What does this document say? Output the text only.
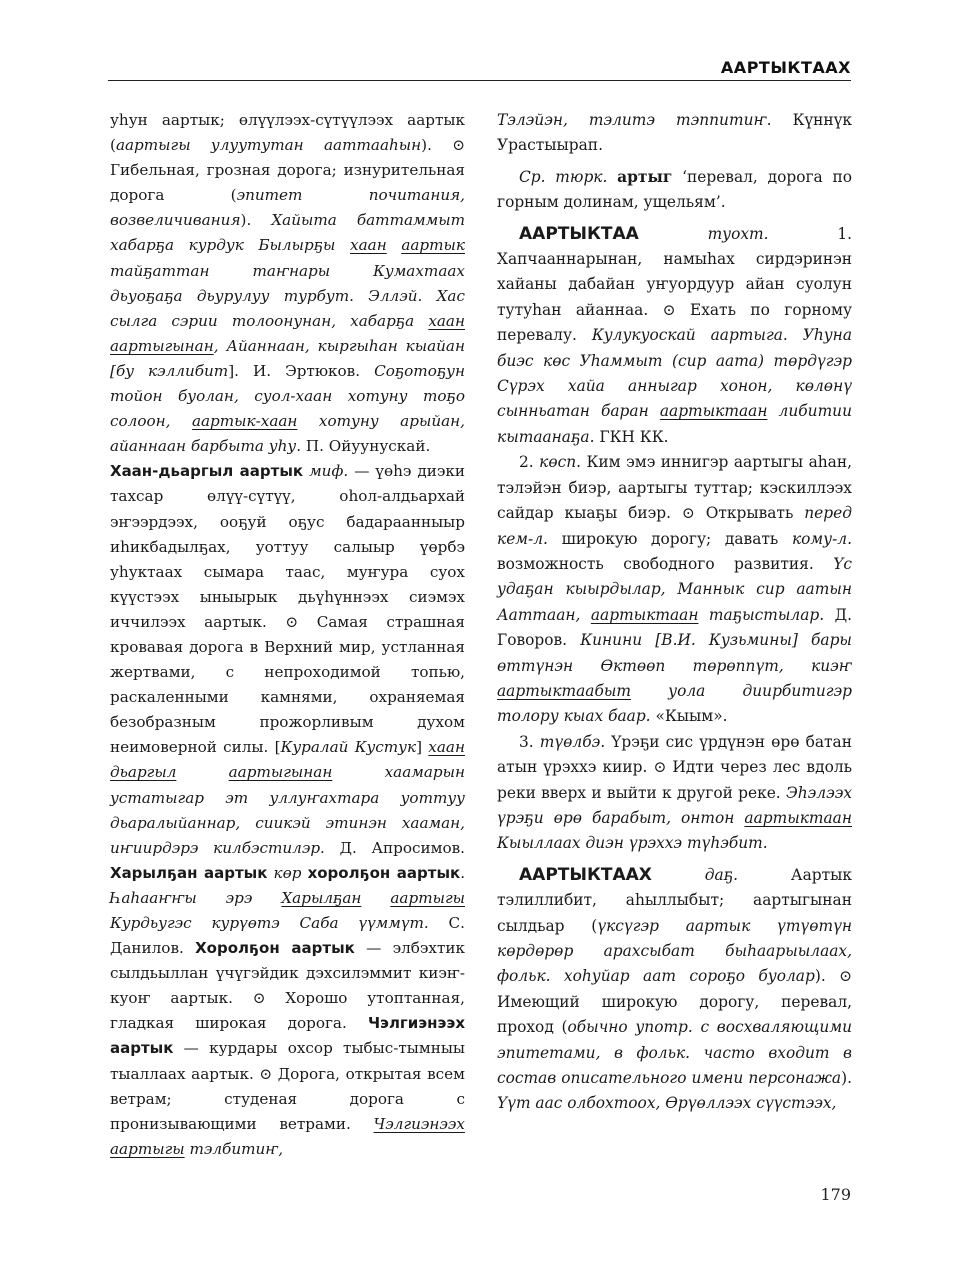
ААРТЫКТААХ

уһун аартык; өлүүлээх-сүтүүлээх аартык (аартыгы улуутутан ааттааһын). ⊙ Гибельная, грозная дорога; изнурительная дорога (эпитет почитания, возвеличивания). Хайыта баттаммыт хабарҕа курдук Былырҕы хаан аартык тайҕаттан таҥнары Кумахтаах дьуоҕаҕа дьурулуу турбут. Эллэй. Хас сылга сэрии толоонунан, хабарҕа хаан аартыгынан, Айаннаан, кыргыһан кыайан [бу кэллибит]. И. Эртюков. Соҕотоҕун тойон буолан, суол-хаан хотуну тоҕо солоон, аартык-хаан хотуну арыйан, айаннаан барбыта уһу. П. Ойуунускай.

Хаан-дьаргыл аартык миф. — үөһэ диэки тахсар өлүү-сүтүү, оһол-алдьархай эҥээрдээх, ооҕуй оҕус бадараанныыр иһикбадылҕах, уоттуу салыыр үөрбэ уһуктаах сымара таас, муҥура суох күүстээх ыныырык дьүһүннээх сиэмэх иччилээх аартык. ⊙ Самая страшная кровавая дорога в Верхний мир, устланная жертвами, с непроходимой топью, раскаленными камнями, охраняемая безобразным прожорливым духом неимоверной силы. [Куралай Кустук] хаан дьаргыл	аартыгынан хаамарын устатыгар эт уллуҥахтара уоттуу дьаралыйаннар, сиикэй этинэн хааман, иҥиирдэрэ килбэстилэр. Д. Апросимов. Харылҕан аартык көр хоролҕон аартык. Һаһааҥҥы эрэ Харылҕан аартыгы Курдьугэс курүөтэ Саба үүммүт. С. Данилов. Хоролҕон аартык — элбэхтик сылдьыллан үчүгэйдик дэхсилэммит киэҥ-куоҥ аартык. ⊙ Хорошо утоптанная, гладкая широкая дорога. Чэлгиэнээх аартык — курдары охсор тыбыс-тымныы тыаллаах аартык. ⊙ Дорога, открытая всем ветрам; студеная дорога с пронизывающими ветрами. Чэлгиэнээх аартыгы тэлбитиҥ,

Тэлэйэн, тэлитэ тэппитиҥ. Күннүк Урастыырап.

Ср. тюрк. артыг ‘перевал, дорога по горным долинам, ущельям’.

ААРТЫКТАА	туохт. 1. Хапчааннарынан, намыһах сирдэринэн хайаны дабайан уҥуордуур айан суолун тутуһан айаннаа. ⊙ Ехать по горному перевалу. Кулукуоскай аартыга. Уһуна биэс көс Уһаммыт (сир аата) төрдүгэр Сүрэх хайа анныгар хонон, көлөнү сынньатан баран аартыктаан либитии кытаанаҕа. ГКН КК.

2. көсп. Ким эмэ иннигэр аартыгы аһан, тэлэйэн биэр, аартыгы туттар; кэскиллээх сайдар кыаҕы биэр. ⊙ Открывать перед кем-л. широкую дорогу; давать кому-л. возможность свободного развития. Үс удаҕан кыырдылар, Маннык сир аатын Ааттаан, аартыктаан таҕыстылар. Д. Говоров. Кинини [В.И. Кузьмины] бары өттүнэн Өктөөп төрөппүт, киэҥ аартыктаабыт уола диирбитигэр толору кыах баар. «Кыым».

3. түөлбэ. Үрэҕи сис үрдүнэн өрө батан атын үрэххэ киир. ⊙ Идти через лес вдоль реки вверх и выйти к другой реке. Эһэлээх үрэҕи өрө барабыт, онтон аартыктаан Кыыллаах диэн үрэххэ түһэбит.

ААРТЫКТААХ	даҕ. Аартык тэлиллибит, аһыллыбыт; аартыгынан сылдьар (үксүгэр аартык үтүөтүн көрдөрөр арахсыбат быһаарыылаах, фольк. хоһуйар аат сороҕо буолар). ⊙ Имеющий широкую дорогу, перевал, проход (обычно употр. с восхваляющими эпитетами, в фольк. часто входит в состав описательного имени персонажа). Үүт аас олбохтоох, Өрүөллээх сүүстээх,

179
